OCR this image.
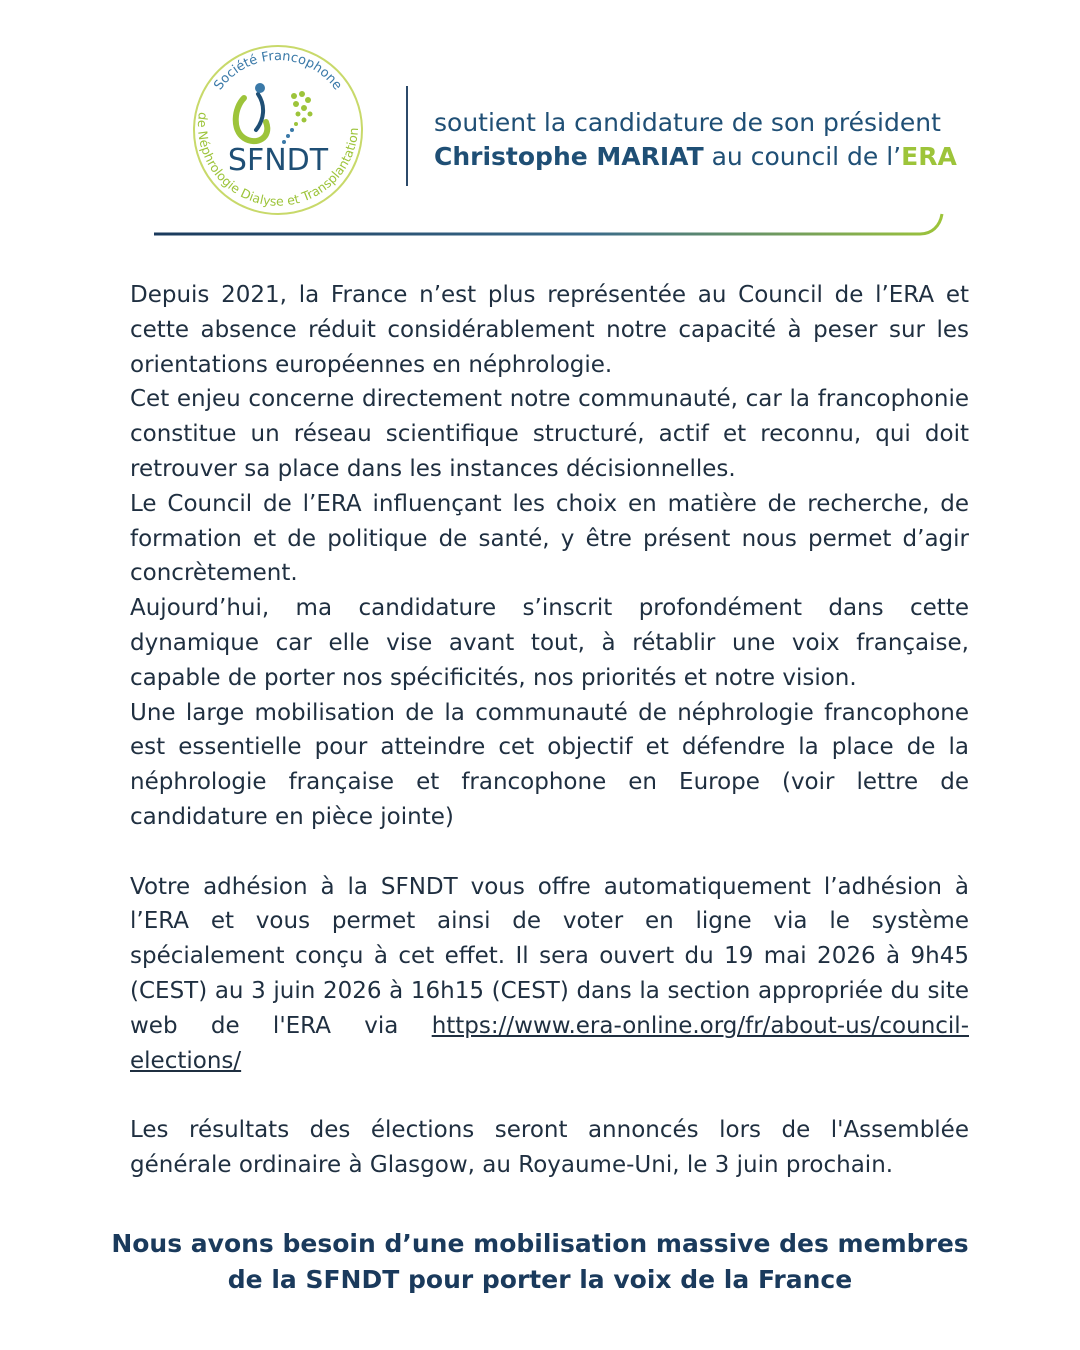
Société Francophone
de Néphrologie Dialyse et Transplantation
SFNDT
soutient la candidature de son président
Christophe MARIAT au council de l’ERA

Depuis 2021, la France n’est plus représentée au Council de l’ERA et cette absence réduit considérablement notre capacité à peser sur les orientations européennes en néphrologie.

Cet enjeu concerne directement notre communauté, car la francophonie constitue un réseau scientifique structuré, actif et reconnu, qui doit retrouver sa place dans les instances décisionnelles.

Le Council de l’ERA influençant les choix en matière de recherche, de formation et de politique de santé, y être présent nous permet d’agir concrètement.

Aujourd’hui, ma candidature s’inscrit profondément dans cette dynamique car elle vise avant tout, à rétablir une voix française, capable de porter nos spécificités, nos priorités et notre vision.

Une large mobilisation de la communauté de néphrologie francophone est essentielle pour atteindre cet objectif et défendre la place de la néphrologie française et francophone en Europe (voir lettre de candidature en pièce jointe)

Votre adhésion à la SFNDT vous offre automatiquement l’adhésion à l’ERA et vous permet ainsi de voter en ligne via le système spécialement conçu à cet effet. Il sera ouvert du 19 mai 2026 à 9h45 (CEST) au 3 juin 2026 à 16h15 (CEST) dans la section appropriée du site web de l'ERA via https://www.era-online.org/fr/about-us/council-elections/

Les résultats des élections seront annoncés lors de l'Assemblée générale ordinaire à Glasgow, au Royaume-Uni, le 3 juin prochain.

Nous avons besoin d’une mobilisation massive des membres
de la SFNDT pour porter la voix de la France
